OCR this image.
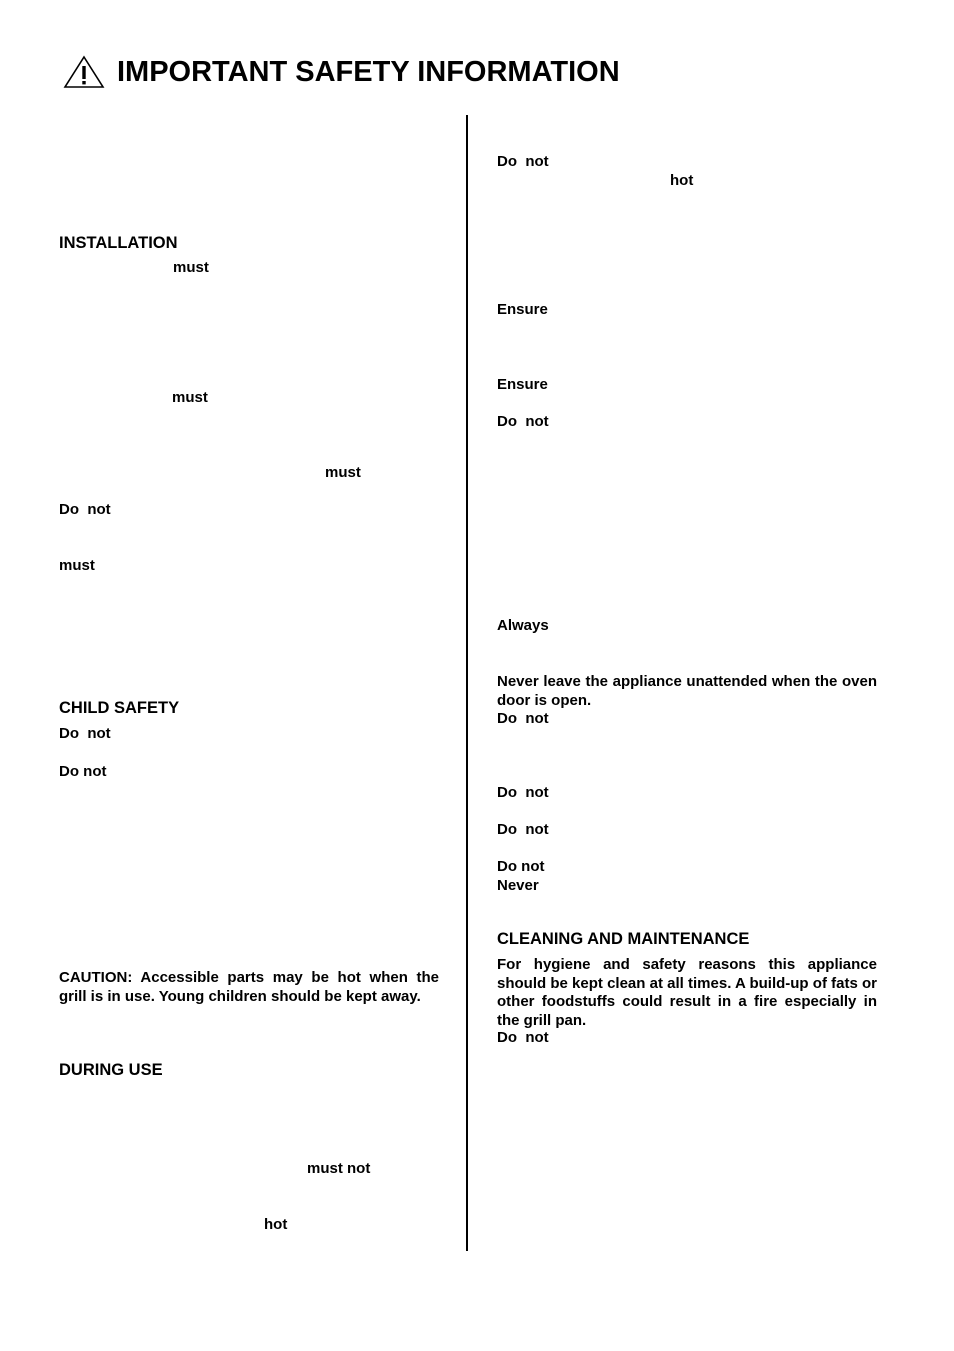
IMPORTANT SAFETY INFORMATION
INSTALLATION
must
must
must
Do  not
must
CHILD SAFETY
Do  not
Do not
CAUTION: Accessible parts may be hot when the grill is in use. Young children should be kept away.
DURING USE
must not
hot
Do  not
hot
Ensure
Ensure
Do  not
Always
Never leave the appliance unattended when the oven door is open.
Do  not
Do  not
Do  not
Do not
Never
CLEANING AND MAINTENANCE
For hygiene and safety reasons this appliance should be kept clean at all times. A build-up of fats or other foodstuffs could result in a fire especially in the grill pan.
Do  not
